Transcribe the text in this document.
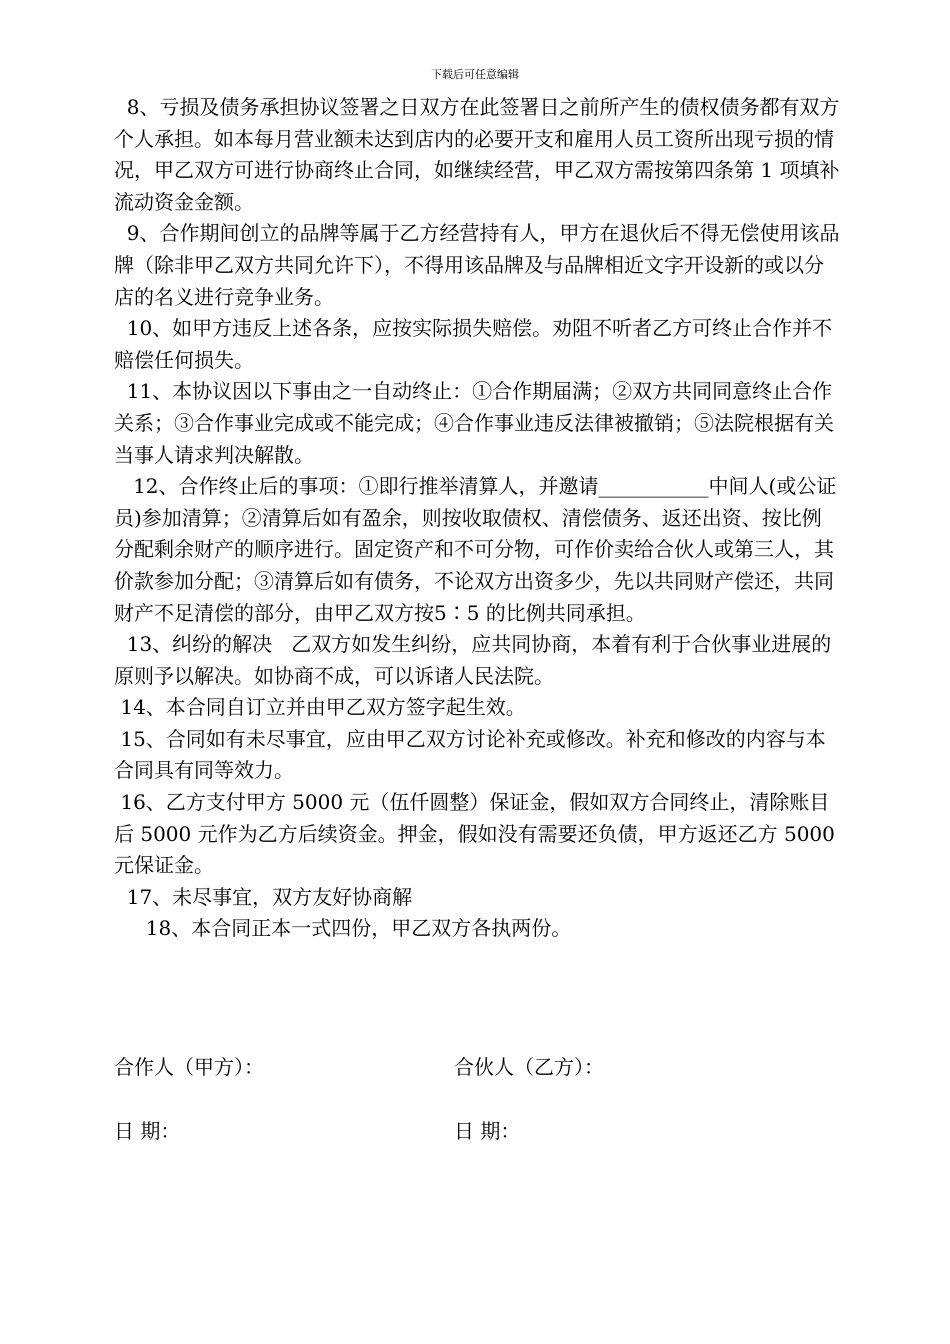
下载后可任意编辑

8、亏损及债务承担协议签署之日双方在此签署日之前所产生的债权债务都有双方个人承担。如本每月营业额未达到店内的必要开支和雇用人员工资所出现亏损的情况，甲乙双方可进行协商终止合同，如继续经营，甲乙双方需按第四条第 1 项填补流动资金金额。

9、合作期间创立的品牌等属于乙方经营持有人，甲方在退伙后不得无偿使用该品牌（除非甲乙双方共同允许下），不得用该品牌及与品牌相近文字开设新的或以分店的名义进行竞争业务。

10、如甲方违反上述各条，应按实际损失赔偿。劝阻不听者乙方可终止合作并不赔偿任何损失。

11、本协议因以下事由之一自动终止：①合作期届满；②双方共同同意终止合作关系；③合作事业完成或不能完成；④合作事业违反法律被撤销；⑤法院根据有关当事人请求判决解散。

12、合作终止后的事项：①即行推举清算人，并邀请___________中间人(或公证员)参加清算；②清算后如有盈余，则按收取债权、清偿债务、返还出资、按比例分配剩余财产的顺序进行。固定资产和不可分物，可作价卖给合伙人或第三人，其价款参加分配；③清算后如有债务，不论双方出资多少，先以共同财产偿还，共同财产不足清偿的部分，由甲乙双方按5∶5 的比例共同承担。

13、纠纷的解决   乙双方如发生纠纷，应共同协商，本着有利于合伙事业进展的原则予以解决。如协商不成，可以诉诸人民法院。

14、本合同自订立并由甲乙双方签字起生效。

15、合同如有未尽事宜，应由甲乙双方讨论补充或修改。补充和修改的内容与本合同具有同等效力。

16、乙方支付甲方 5000 元（伍仟圆整）保证金，假如双方合同终止，清除账目后 5000 元作为乙方后续资金。押金，假如没有需要还负债，甲方返还乙方 5000 元保证金。

17、未尽事宜，双方友好协商解

18、本合同正本一式四份，甲乙双方各执两份。

合作人（甲方）：	合伙人（乙方）：
日 期：	日 期：
